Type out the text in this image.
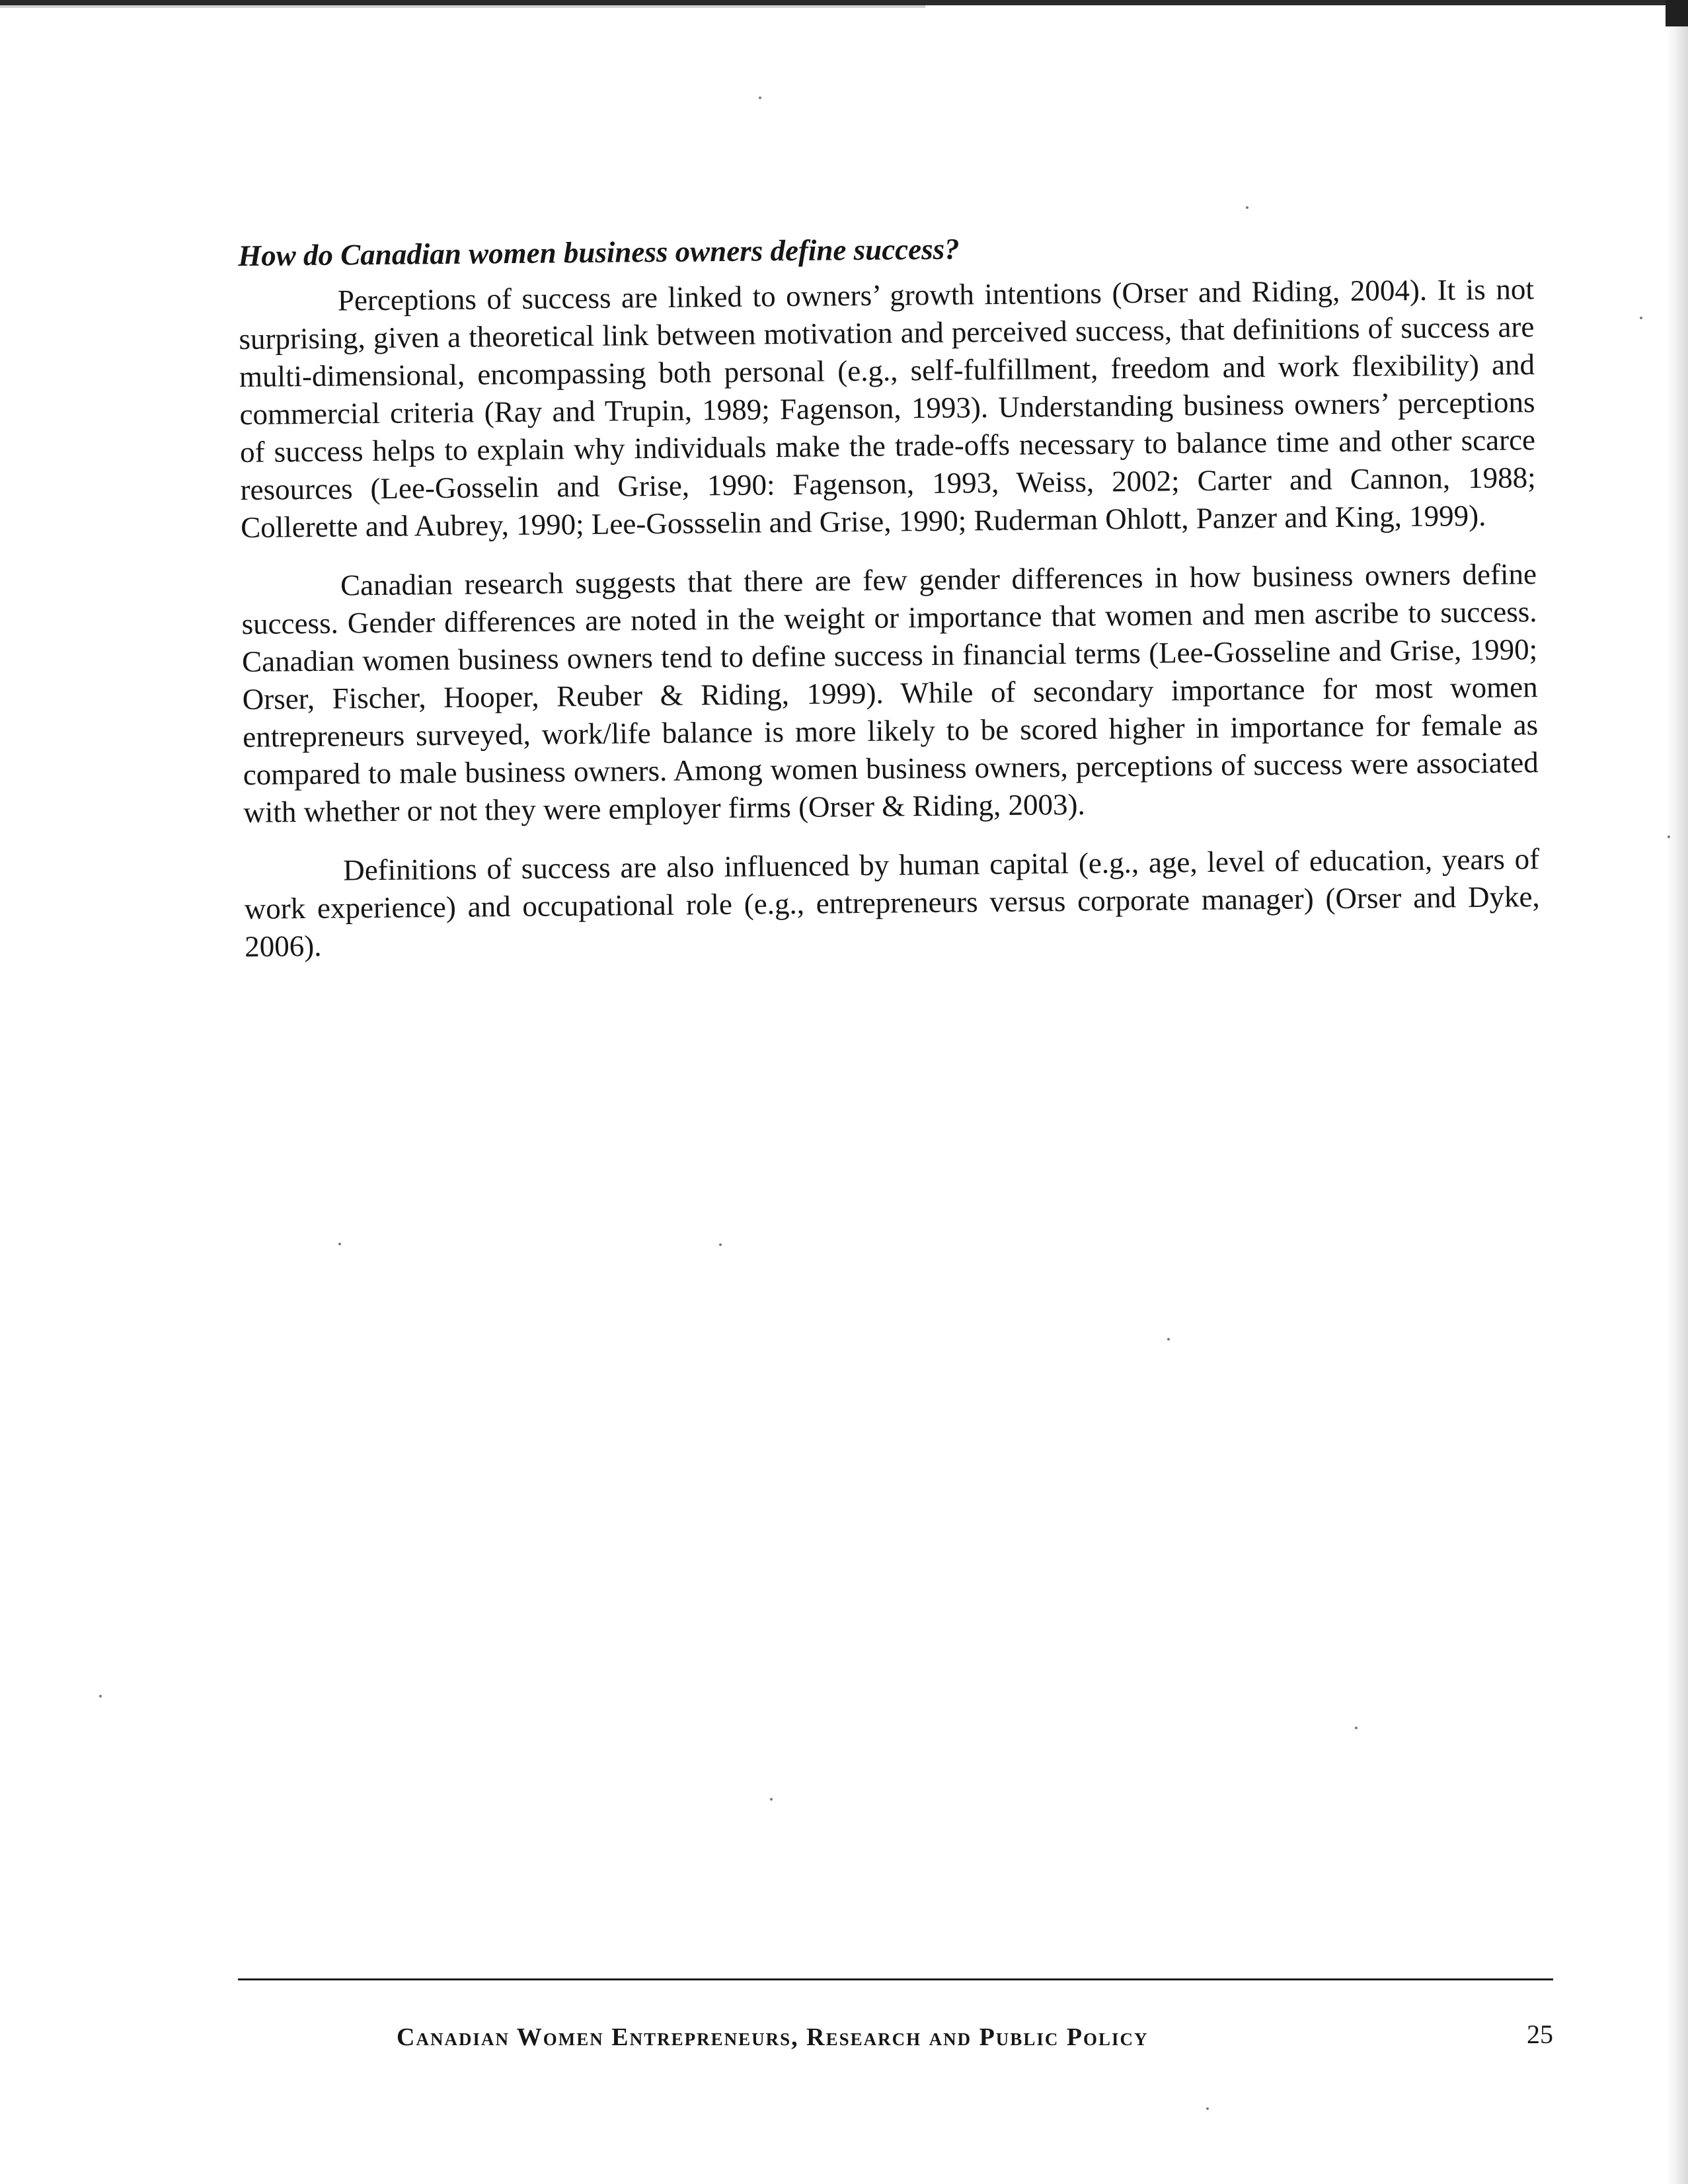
How do Canadian women business owners define success?

Perceptions of success are linked to owners’ growth intentions (Orser and Riding, 2004). It is not surprising, given a theoretical link between motivation and perceived success, that definitions of success are multi-dimensional, encompassing both personal (e.g., self-fulfillment, freedom and work flexibility) and commercial criteria (Ray and Trupin, 1989; Fagenson, 1993). Understanding business owners’ perceptions of success helps to explain why individuals make the trade-offs necessary to balance time and other scarce resources (Lee-Gosselin and Grise, 1990: Fagenson, 1993, Weiss, 2002; Carter and Cannon, 1988; Collerette and Aubrey, 1990; Lee-Gossselin and Grise, 1990; Ruderman Ohlott, Panzer and King, 1999).

Canadian research suggests that there are few gender differences in how business owners define success. Gender differences are noted in the weight or importance that women and men ascribe to success. Canadian women business owners tend to define success in financial terms (Lee-Gosseline and Grise, 1990; Orser, Fischer, Hooper, Reuber & Riding, 1999). While of secondary importance for most women entrepreneurs surveyed, work/life balance is more likely to be scored higher in importance for female as compared to male business owners. Among women business owners, perceptions of success were associated with whether or not they were employer firms (Orser & Riding, 2003).

Definitions of success are also influenced by human capital (e.g., age, level of education, years of work experience) and occupational role (e.g., entrepreneurs versus corporate manager) (Orser and Dyke, 2006).

Canadian Women Entrepreneurs, Research and Public Policy	25
